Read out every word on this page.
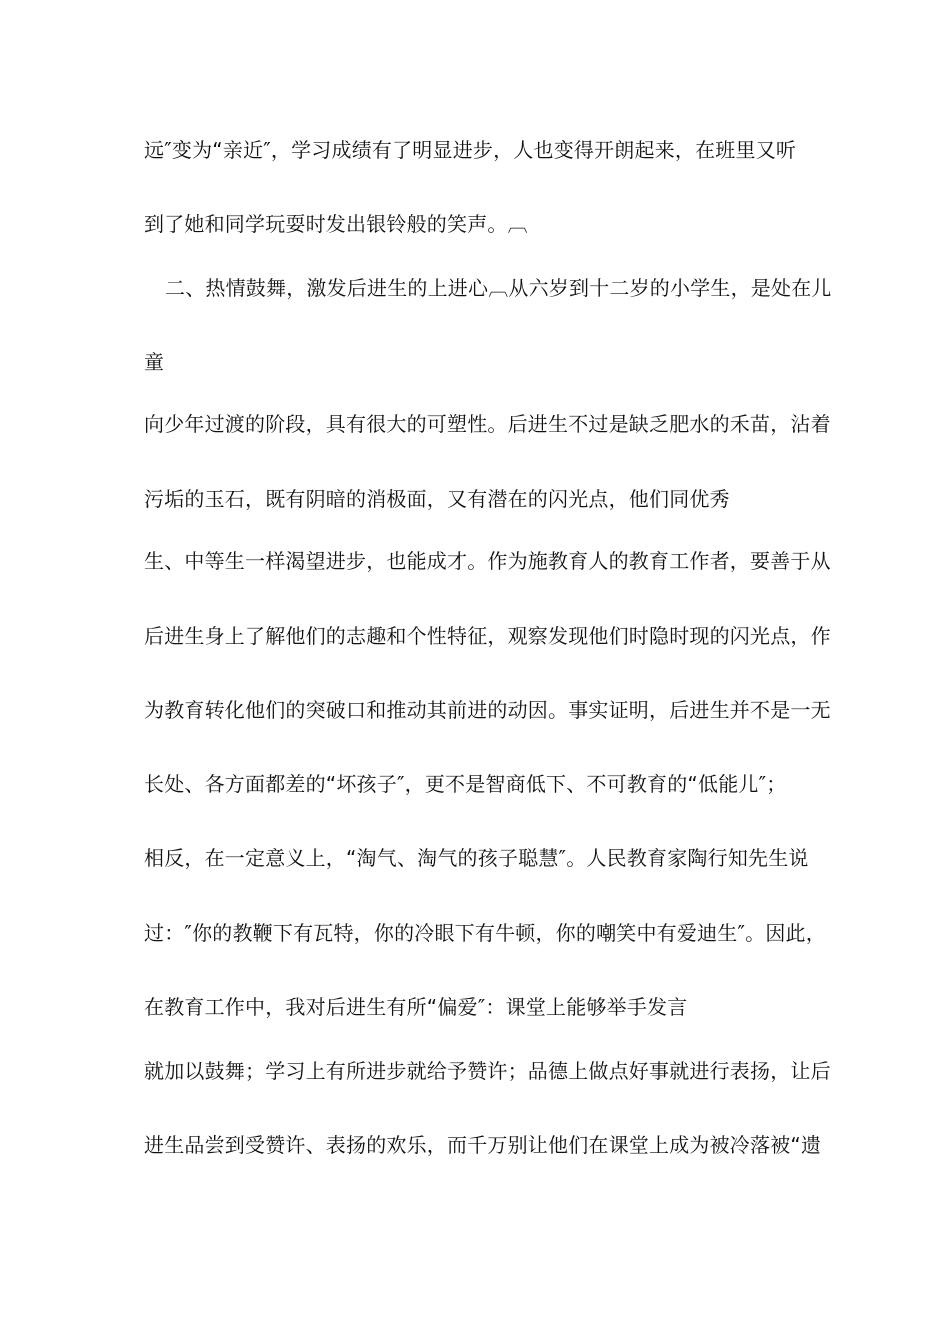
远″变为“亲近″，学习成绩有了明显进步，人也变得开朗起来，在班里又听
到了她和同学玩耍时发出银铃般的笑声。︹
二、热情鼓舞，激发后进生的上进心︹从六岁到十二岁的小学生，是处在儿
童
向少年过渡的阶段，具有很大的可塑性。后进生不过是缺乏肥水的禾苗，沾着
污垢的玉石，既有阴暗的消极面，又有潜在的闪光点，他们同优秀
生、中等生一样渴望进步，也能成才。作为施教育人的教育工作者，要善于从
后进生身上了解他们的志趣和个性特征，观察发现他们时隐时现的闪光点，作
为教育转化他们的突破口和推动其前进的动因。事实证明，后进生并不是一无
长处、各方面都差的“坏孩子″，更不是智商低下、不可教育的“低能儿″；
相反，在一定意义上，“淘气、淘气的孩子聪慧″。人民教育家陶行知先生说
过：″你的教鞭下有瓦特，你的冷眼下有牛顿，你的嘲笑中有爱迪生″。因此，
在教育工作中，我对后进生有所“偏爱″：课堂上能够举手发言
就加以鼓舞；学习上有所进步就给予赞许；品德上做点好事就进行表扬，让后
进生品尝到受赞许、表扬的欢乐，而千万别让他们在课堂上成为被冷落被“遗
